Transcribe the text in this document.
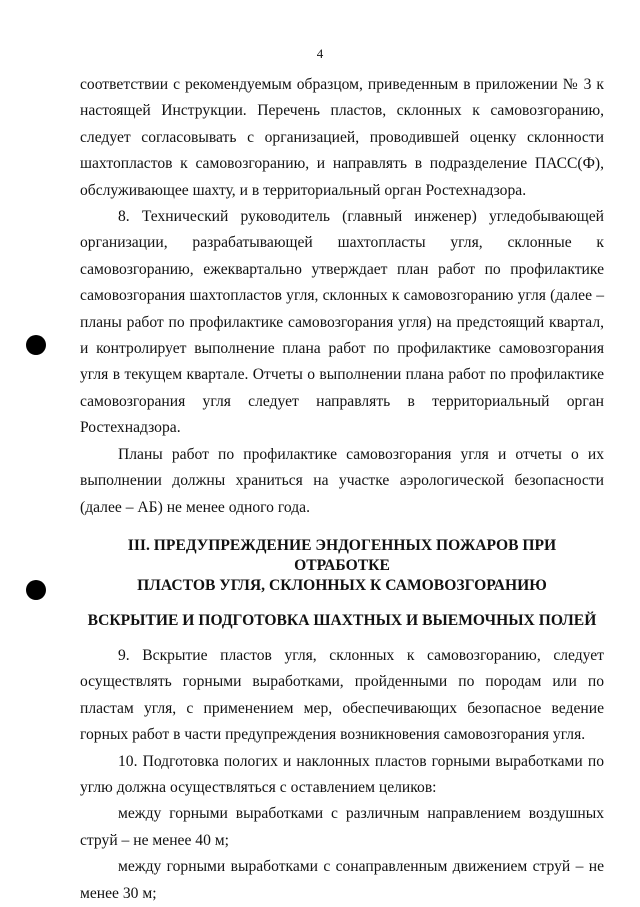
4

соответствии с рекомендуемым образцом, приведенным в приложении № 3 к настоящей Инструкции. Перечень пластов, склонных к самовозгоранию, следует согласовывать с организацией, проводившей оценку склонности шахтопластов к самовозгоранию, и направлять в подразделение ПАСС(Ф), обслуживающее шахту, и в территориальный орган Ростехнадзора.

8. Технический руководитель (главный инженер) угледобывающей организации, разрабатывающей шахтопласты угля, склонные к самовозгоранию, ежеквартально утверждает план работ по профилактике самовозгорания шахтопластов угля, склонных к самовозгоранию угля (далее – планы работ по профилактике самовозгорания угля) на предстоящий квартал, и контролирует выполнение плана работ по профилактике самовозгорания угля в текущем квартале. Отчеты о выполнении плана работ по профилактике самовозгорания угля следует направлять в территориальный орган Ростехнадзора.

Планы работ по профилактике самовозгорания угля и отчеты о их выполнении должны храниться на участке аэрологической безопасности (далее – АБ) не менее одного года.

III. ПРЕДУПРЕЖДЕНИЕ ЭНДОГЕННЫХ ПОЖАРОВ ПРИ ОТРАБОТКЕ
ПЛАСТОВ УГЛЯ, СКЛОННЫХ К САМОВОЗГОРАНИЮ
ВСКРЫТИЕ И ПОДГОТОВКА ШАХТНЫХ И ВЫЕМОЧНЫХ ПОЛЕЙ

9. Вскрытие пластов угля, склонных к самовозгоранию, следует осуществлять горными выработками, пройденными по породам или по пластам угля, с применением мер, обеспечивающих безопасное ведение горных работ в части предупреждения возникновения самовозгорания угля.

10. Подготовка пологих и наклонных пластов горными выработками по углю должна осуществляться с оставлением целиков:

между горными выработками с различным направлением воздушных струй – не менее 40 м;

между горными выработками с сонаправленным движением струй – не менее 30 м;
